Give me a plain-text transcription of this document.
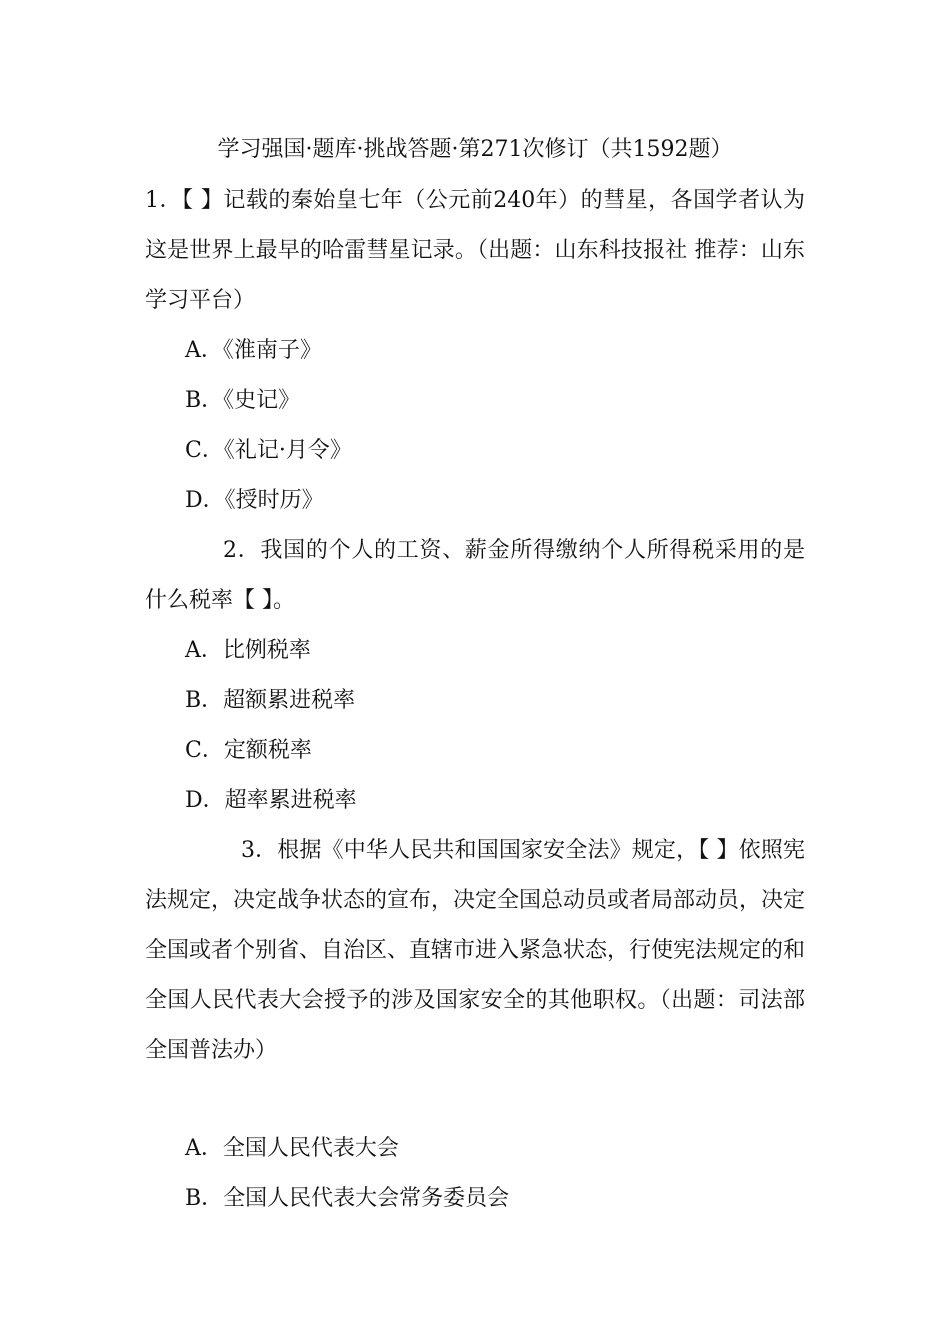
学习强国·题库·挑战答题·第271次修订（共1592题）
1．【 】记载的秦始皇七年（公元前240年）的彗星，各国学者认为这是世界上最早的哈雷彗星记录。（出题：山东科技报社 推荐：山东学习平台）
A．《淮南子》
B．《史记》
C．《礼记·月令》
D．《授时历》
2．我国的个人的工资、薪金所得缴纳个人所得税采用的是什么税率【 】。
A．比例税率
B．超额累进税率
C．定额税率
D．超率累进税率
3．根据《中华人民共和国国家安全法》规定，【 】依照宪法规定，决定战争状态的宣布，决定全国总动员或者局部动员，决定全国或者个别省、自治区、直辖市进入紧急状态，行使宪法规定的和全国人民代表大会授予的涉及国家安全的其他职权。（出题：司法部 全国普法办）
A．全国人民代表大会
B．全国人民代表大会常务委员会
